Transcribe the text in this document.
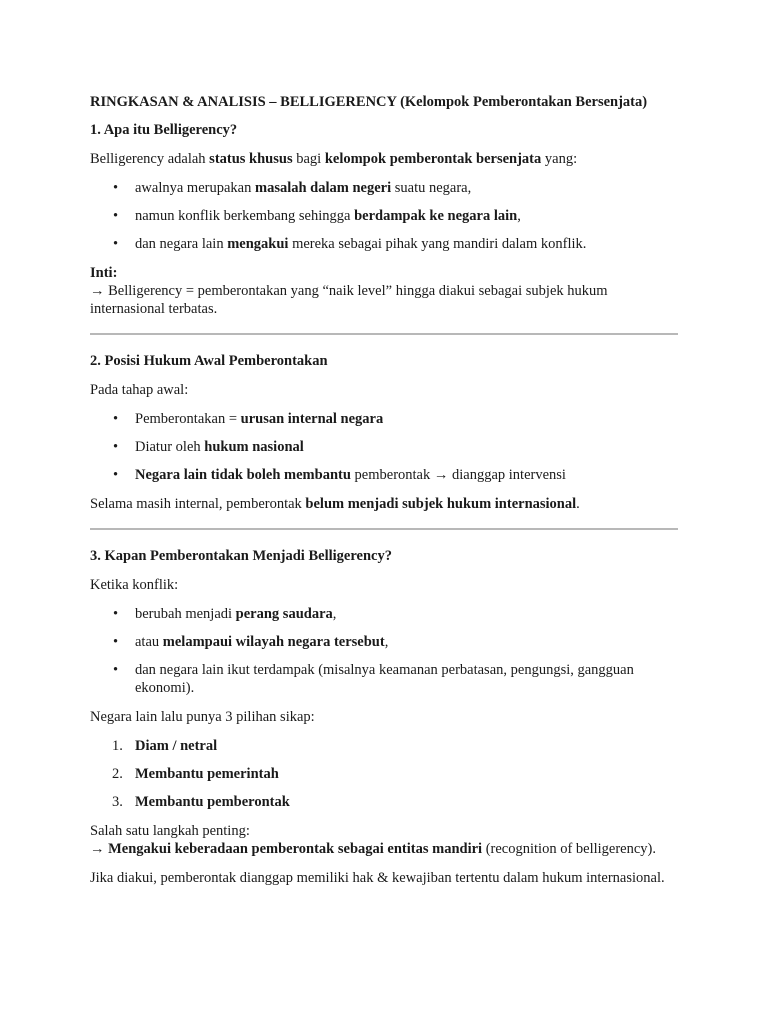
RINGKASAN & ANALISIS – BELLIGERENCY (Kelompok Pemberontakan Bersenjata)

1. Apa itu Belligerency?

Belligerency adalah status khusus bagi kelompok pemberontak bersenjata yang:

• awalnya merupakan masalah dalam negeri suatu negara,
• namun konflik berkembang sehingga berdampak ke negara lain,
• dan negara lain mengakui mereka sebagai pihak yang mandiri dalam konflik.

Inti:

→ Belligerency = pemberontakan yang “naik level” hingga diakui sebagai subjek hukum internasional terbatas.

2. Posisi Hukum Awal Pemberontakan

Pada tahap awal:

• Pemberontakan = urusan internal negara
• Diatur oleh hukum nasional
• Negara lain tidak boleh membantu pemberontak → dianggap intervensi

Selama masih internal, pemberontak belum menjadi subjek hukum internasional.

3. Kapan Pemberontakan Menjadi Belligerency?

Ketika konflik:

• berubah menjadi perang saudara,
• atau melampaui wilayah negara tersebut,
• dan negara lain ikut terdampak (misalnya keamanan perbatasan, pengungsi, gangguan ekonomi).

Negara lain lalu punya 3 pilihan sikap:

1. Diam / netral
2. Membantu pemerintah
3. Membantu pemberontak

Salah satu langkah penting:

→ Mengakui keberadaan pemberontak sebagai entitas mandiri (recognition of belligerency).

Jika diakui, pemberontak dianggap memiliki hak & kewajiban tertentu dalam hukum internasional.
